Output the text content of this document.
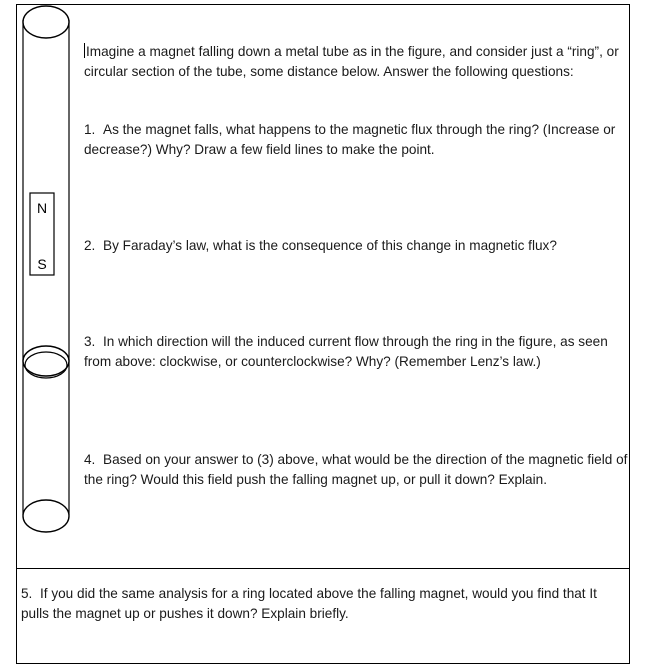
N
S
Imagine a magnet falling down a metal tube as in the figure, and consider just a “ring”, or circular section of the tube, some distance below. Answer the following questions:
1. As the magnet falls, what happens to the magnetic flux through the ring? (Increase or decrease?) Why? Draw a few field lines to make the point.
2. By Faraday’s law, what is the consequence of this change in magnetic flux?
3. In which direction will the induced current flow through the ring in the figure, as seen from above: clockwise, or counterclockwise? Why? (Remember Lenz’s law.)
4. Based on your answer to (3) above, what would be the direction of the magnetic field of the ring? Would this field push the falling magnet up, or pull it down? Explain.
5. If you did the same analysis for a ring located above the falling magnet, would you find that It pulls the magnet up or pushes it down? Explain briefly.
